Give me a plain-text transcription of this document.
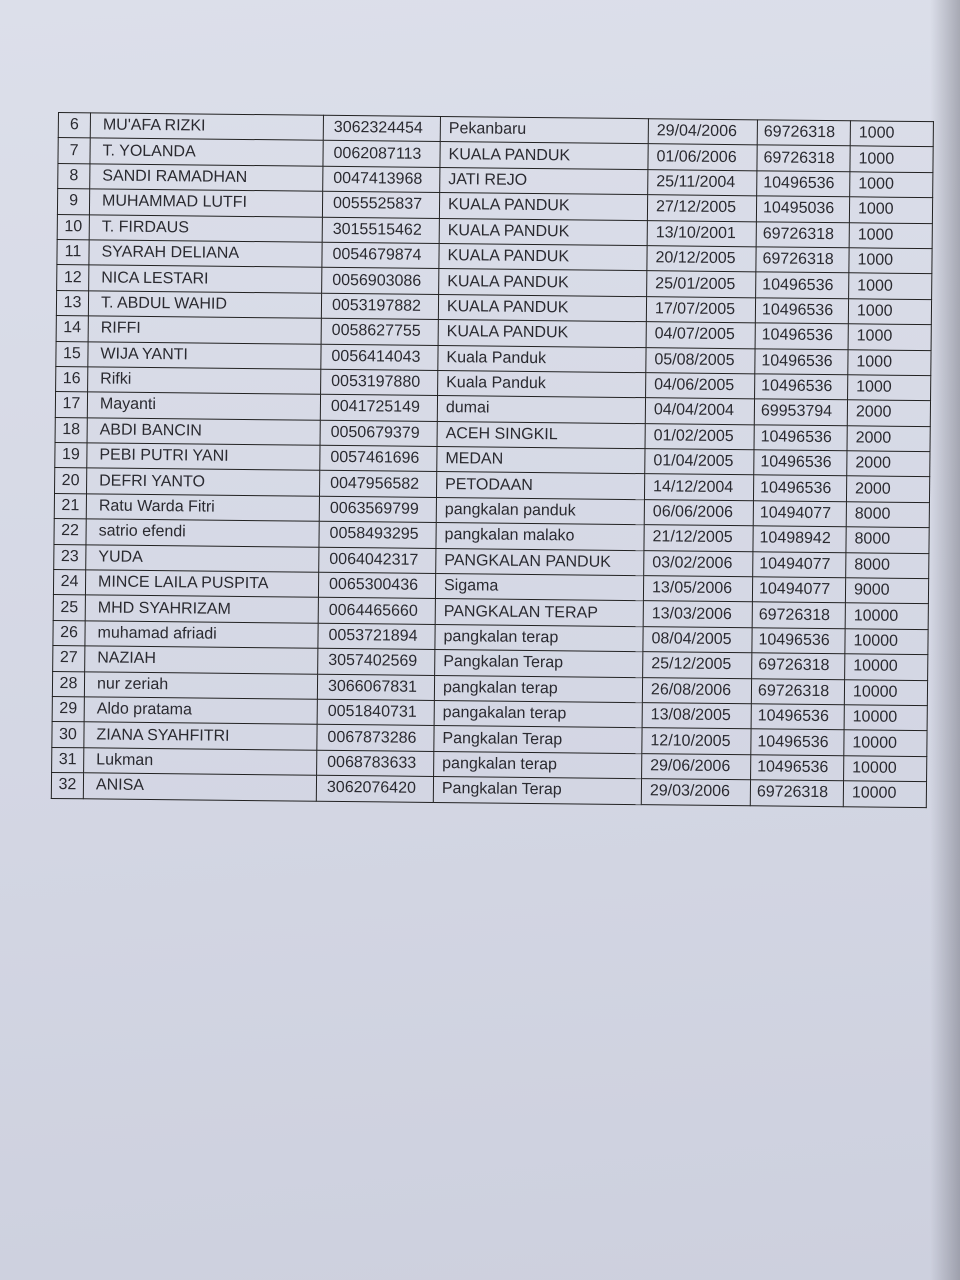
6	MU'AFA RIZKI	3062324454	Pekanbaru	29/04/2006	69726318	1000
7	T. YOLANDA	0062087113	KUALA PANDUK	01/06/2006	69726318	1000
8	SANDI RAMADHAN	0047413968	JATI REJO	25/11/2004	10496536	1000
9	MUHAMMAD LUTFI	0055525837	KUALA PANDUK	27/12/2005	10495036	1000
10	T. FIRDAUS	3015515462	KUALA PANDUK	13/10/2001	69726318	1000
11	SYARAH DELIANA	0054679874	KUALA PANDUK	20/12/2005	69726318	1000
12	NICA LESTARI	0056903086	KUALA PANDUK	25/01/2005	10496536	1000
13	T. ABDUL WAHID	0053197882	KUALA PANDUK	17/07/2005	10496536	1000
14	RIFFI	0058627755	KUALA PANDUK	04/07/2005	10496536	1000
15	WIJA YANTI	0056414043	Kuala Panduk	05/08/2005	10496536	1000
16	Rifki	0053197880	Kuala Panduk	04/06/2005	10496536	1000
17	Mayanti	0041725149	dumai	04/04/2004	69953794	2000
18	ABDI BANCIN	0050679379	ACEH SINGKIL	01/02/2005	10496536	2000
19	PEBI PUTRI YANI	0057461696	MEDAN	01/04/2005	10496536	2000
20	DEFRI YANTO	0047956582	PETODAAN	14/12/2004	10496536	2000
21	Ratu Warda Fitri	0063569799	pangkalan panduk	06/06/2006	10494077	8000
22	satrio efendi	0058493295	pangkalan malako	21/12/2005	10498942	8000
23	YUDA	0064042317	PANGKALAN PANDUK	03/02/2006	10494077	8000
24	MINCE LAILA PUSPITA	0065300436	Sigama	13/05/2006	10494077	9000
25	MHD SYAHRIZAM	0064465660	PANGKALAN TERAP	13/03/2006	69726318	10000
26	muhamad afriadi	0053721894	pangkalan terap	08/04/2005	10496536	10000
27	NAZIAH	3057402569	Pangkalan Terap	25/12/2005	69726318	10000
28	nur zeriah	3066067831	pangkalan terap	26/08/2006	69726318	10000
29	Aldo pratama	0051840731	pangakalan terap	13/08/2005	10496536	10000
30	ZIANA SYAHFITRI	0067873286	Pangkalan Terap	12/10/2005	10496536	10000
31	Lukman	0068783633	pangkalan terap	29/06/2006	10496536	10000
32	ANISA	3062076420	Pangkalan Terap	29/03/2006	69726318	10000
